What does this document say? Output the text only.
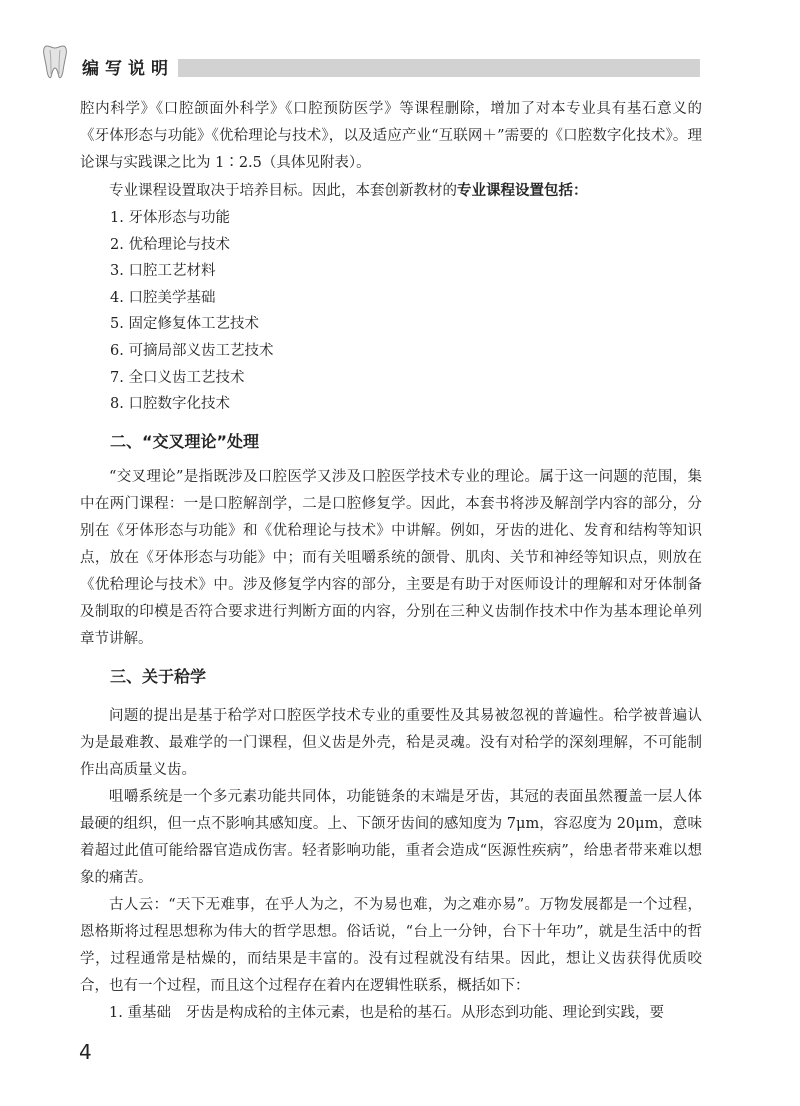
编写说明

腔内科学》《口腔颌面外科学》《口腔预防医学》等课程删除，增加了对本专业具有基石意义的《牙体形态与功能》《优秴理论与技术》，以及适应产业“互联网＋”需要的《口腔数字化技术》。理论课与实践课之比为 1∶2.5（具体见附表）。

专业课程设置取决于培养目标。因此，本套创新教材的专业课程设置包括：

1. 牙体形态与功能

2. 优秴理论与技术

3. 口腔工艺材料

4. 口腔美学基础

5. 固定修复体工艺技术

6. 可摘局部义齿工艺技术

7. 全口义齿工艺技术

8. 口腔数字化技术

二、“交叉理论”处理

“交叉理论”是指既涉及口腔医学又涉及口腔医学技术专业的理论。属于这一问题的范围，集中在两门课程：一是口腔解剖学，二是口腔修复学。因此，本套书将涉及解剖学内容的部分，分别在《牙体形态与功能》和《优秴理论与技术》中讲解。例如，牙齿的进化、发育和结构等知识点，放在《牙体形态与功能》中；而有关咀嚼系统的颌骨、肌肉、关节和神经等知识点，则放在《优秴理论与技术》中。涉及修复学内容的部分，主要是有助于对医师设计的理解和对牙体制备及制取的印模是否符合要求进行判断方面的内容，分别在三种义齿制作技术中作为基本理论单列章节讲解。

三、关于秴学

问题的提出是基于秴学对口腔医学技术专业的重要性及其易被忽视的普遍性。秴学被普遍认为是最难教、最难学的一门课程，但义齿是外壳，秴是灵魂。没有对秴学的深刻理解，不可能制作出高质量义齿。

咀嚼系统是一个多元素功能共同体，功能链条的末端是牙齿，其冠的表面虽然覆盖一层人体最硬的组织，但一点不影响其感知度。上、下颌牙齿间的感知度为 7μm，容忍度为 20μm，意味着超过此值可能给器官造成伤害。轻者影响功能，重者会造成“医源性疾病”，给患者带来难以想象的痛苦。

古人云：“天下无难事，在乎人为之，不为易也难，为之难亦易”。万物发展都是一个过程，恩格斯将过程思想称为伟大的哲学思想。俗话说，“台上一分钟，台下十年功”，就是生活中的哲学，过程通常是枯燥的，而结果是丰富的。没有过程就没有结果。因此，想让义齿获得优质咬合，也有一个过程，而且这个过程存在着内在逻辑性联系，概括如下：

1. 重基础　牙齿是构成秴的主体元素，也是秴的基石。从形态到功能、理论到实践，要

4
